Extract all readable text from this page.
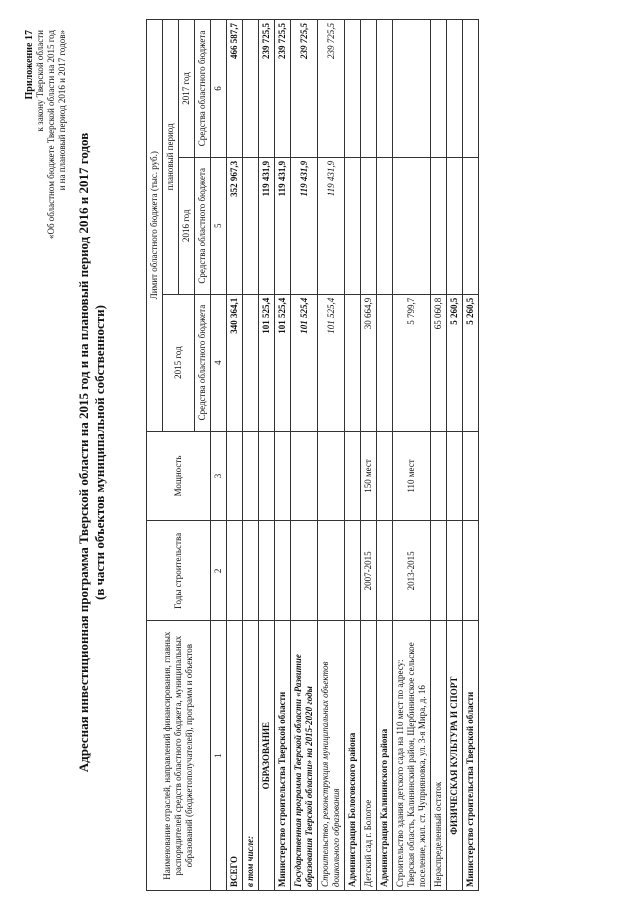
Приложение 17 к закону Тверской области «Об областном бюджете Тверской области на 2015 год и на плановый период 2016 и 2017 годов»
Адресная инвестиционная программа Тверской области на 2015 год и на плановый период 2016 и 2017 годов (в части объектов муниципальной собственности)
Наименование отраслей, направлений финансирования, главных распорядителей средств областного бюджета, муниципальных образований (бюджетополучателей), программ и объектов	Годы строительства	Мощность	Лимит областного бюджета (тыс. руб.)		
			2015 год	плановый период	
				2016 год	2017 год
			Средства областного бюджета	Средства областного бюджета	Средства областного бюджета
1	2	3	4	5	6
ВСЕГО			340 364,1	352 967,3	466 587,7
в том числе:					
ОБРАЗОВАНИЕ			101 525,4	119 431,9	239 725,5
Министерство строительства Тверской области			101 525,4	119 431,9	239 725,5
Государственная программа Тверской области «Развитие образования Тверской области» на 2015-2020 годы			101 525,4	119 431,9	239 725,5
Строительство, реконструкция муниципальных объектов дошкольного образования			101 525,4	119 431,9	239 725,5
Администрация Бологовского района					
Детский сад г. Бологое	2007-2015	150 мест	30 664,9		
Администрация Калининского района					
Строительство здания детского сада на 110 мест по адресу: Тверская область, Калининский район, Щербининское сельское поселение, жил. ст. Чуприяновка, ул. 3-я Мира, д. 16	2013-2015	110 мест	5 799,7		
Нераспределенный остаток			65 060,8		
ФИЗИЧЕСКАЯ КУЛЬТУРА И СПОРТ			5 260,5		
Министерство строительства Тверской области			5 260,5		
